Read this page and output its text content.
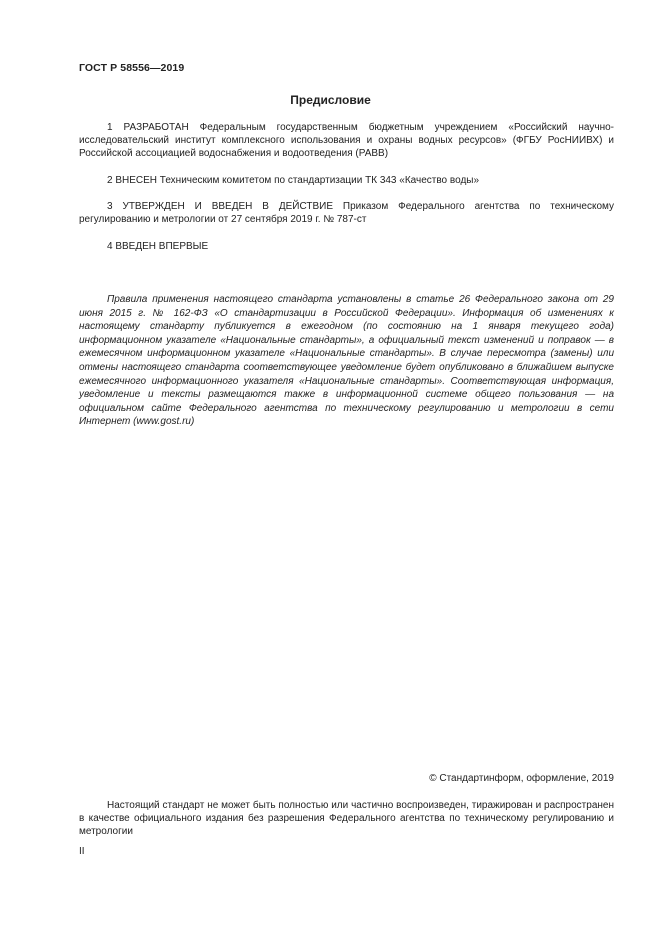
ГОСТ Р 58556—2019
Предисловие
1 РАЗРАБОТАН Федеральным государственным бюджетным учреждением «Российский научно-исследовательский институт комплексного использования и охраны водных ресурсов» (ФГБУ РосНИИВХ) и Российской ассоциацией водоснабжения и водоотведения (РАВВ)
2 ВНЕСЕН Техническим комитетом по стандартизации ТК 343 «Качество воды»
3 УТВЕРЖДЕН И ВВЕДЕН В ДЕЙСТВИЕ Приказом Федерального агентства по техническому регулированию и метрологии от 27 сентября 2019 г. № 787-ст
4 ВВЕДЕН ВПЕРВЫЕ
Правила применения настоящего стандарта установлены в статье 26 Федерального закона от 29 июня 2015 г. № 162-ФЗ «О стандартизации в Российской Федерации». Информация об изменениях к настоящему стандарту публикуется в ежегодном (по состоянию на 1 января текущего года) информационном указателе «Национальные стандарты», а официальный текст изменений и поправок — в ежемесячном информационном указателе «Национальные стандарты». В случае пересмотра (замены) или отмены настоящего стандарта соответствующее уведомление будет опубликовано в ближайшем выпуске ежемесячного информационного указателя «Национальные стандарты». Соответствующая информация, уведомление и тексты размещаются также в информационной системе общего пользования — на официальном сайте Федерального агентства по техническому регулированию и метрологии в сети Интернет (www.gost.ru)
© Стандартинформ, оформление, 2019
Настоящий стандарт не может быть полностью или частично воспроизведен, тиражирован и распространен в качестве официального издания без разрешения Федерального агентства по техническому регулированию и метрологии
II
